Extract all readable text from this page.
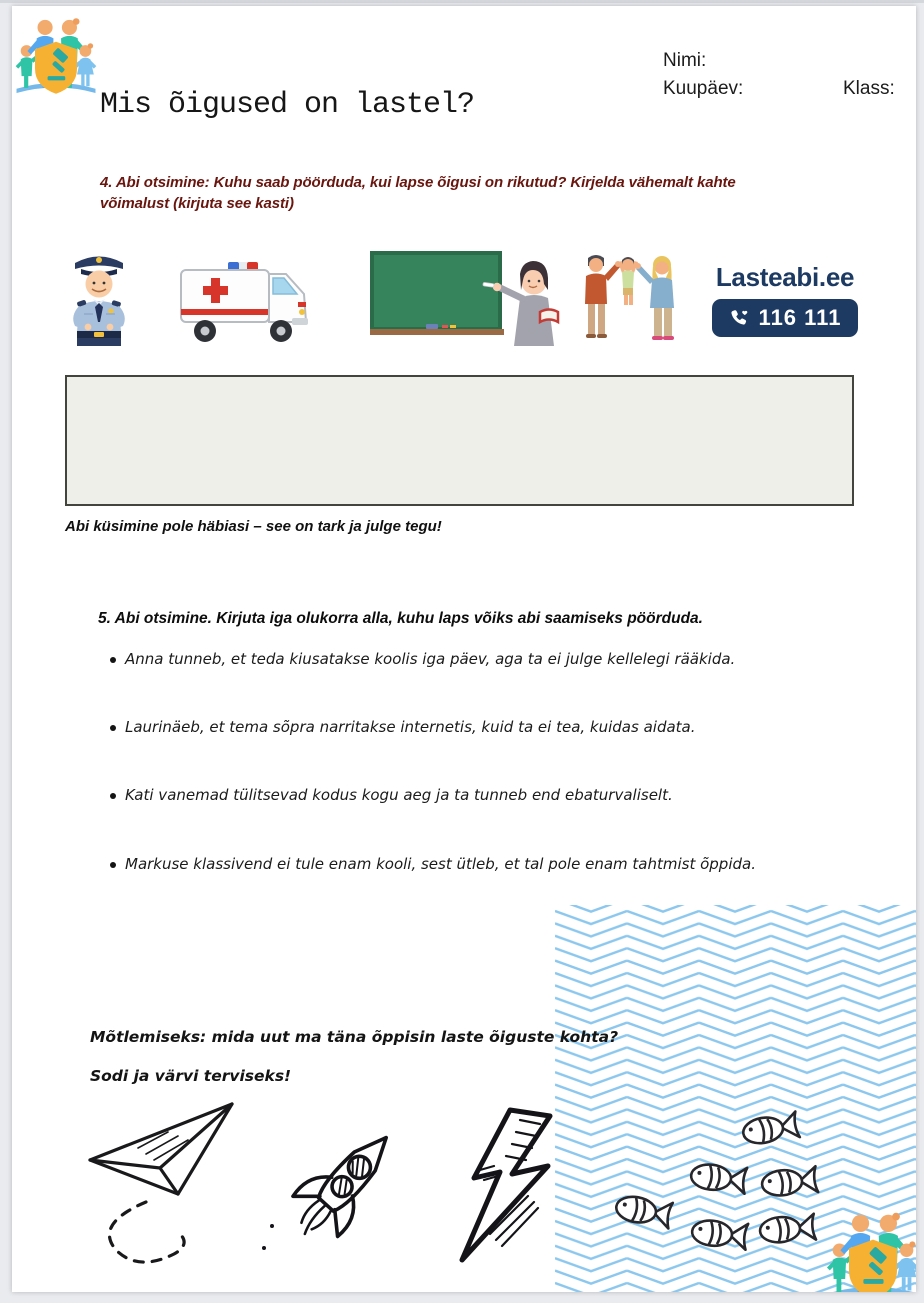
Nimi:
Kuupäev:	Klass:
Mis õigused on lastel?
4. Abi otsimine: Kuhu saab pöörduda, kui lapse õigusi on rikutud? Kirjelda vähemalt kahte võimalust (kirjuta see kasti)
Lasteabi.ee
116 111
Abi küsimine pole häbiasi – see on tark ja julge tegu!
5. Abi otsimine. Kirjuta iga olukorra alla, kuhu laps võiks abi saamiseks pöörduda.
Anna tunneb, et teda kiusatakse koolis iga päev, aga ta ei julge kellelegi rääkida.
Laurinäeb, et tema sõpra narritakse internetis, kuid ta ei tea, kuidas aidata.
Kati vanemad tülitsevad kodus kogu aeg ja ta tunneb end ebaturvaliselt.
Markuse klassivend ei tule enam kooli, sest ütleb, et tal pole enam tahtmist õppida.
Mõtlemiseks: mida uut ma täna õppisin laste õiguste kohta?
Sodi ja värvi terviseks!
